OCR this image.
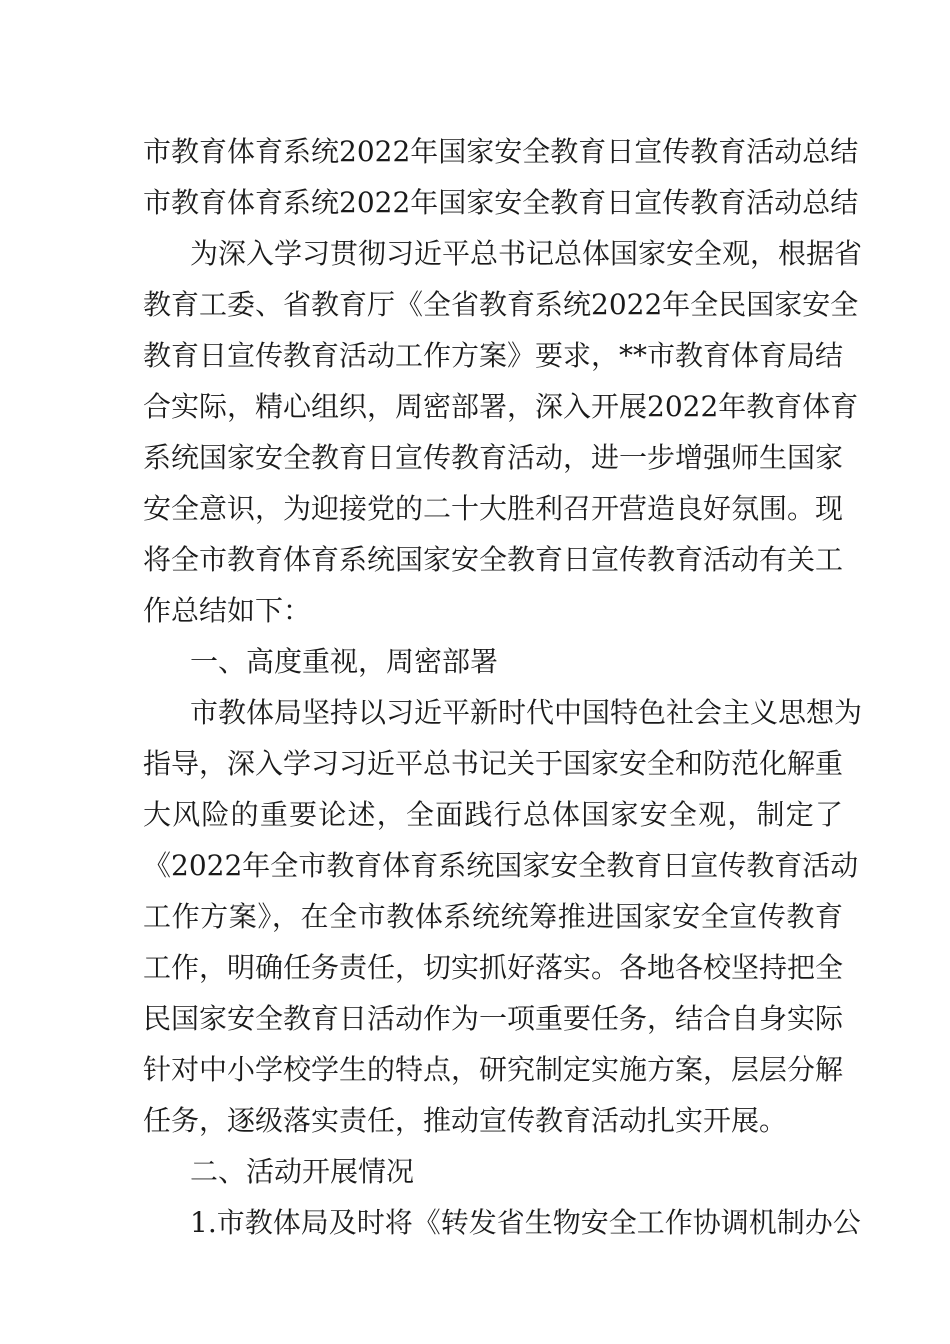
市教育体育系统2022年国家安全教育日宣传教育活动总结

市教育体育系统2022年国家安全教育日宣传教育活动总结

为深入学习贯彻习近平总书记总体国家安全观，根据省

教育工委、省教育厅《全省教育系统2022年全民国家安全

教育日宣传教育活动工作方案》要求，**市教育体育局结

合实际，精心组织，周密部署，深入开展2022年教育体育

系统国家安全教育日宣传教育活动，进一步增强师生国家

安全意识，为迎接党的二十大胜利召开营造良好氛围。现

将全市教育体育系统国家安全教育日宣传教育活动有关工

作总结如下：

一、高度重视，周密部署

市教体局坚持以习近平新时代中国特色社会主义思想为

指导，深入学习习近平总书记关于国家安全和防范化解重

大风险的重要论述，全面践行总体国家安全观，制定了

《2022年全市教育体育系统国家安全教育日宣传教育活动

工作方案》，在全市教体系统统筹推进国家安全宣传教育

工作，明确任务责任，切实抓好落实。各地各校坚持把全

民国家安全教育日活动作为一项重要任务，结合自身实际

针对中小学校学生的特点，研究制定实施方案，层层分解

任务，逐级落实责任，推动宣传教育活动扎实开展。

二、活动开展情况

1.市教体局及时将《转发省生物安全工作协调机制办公
